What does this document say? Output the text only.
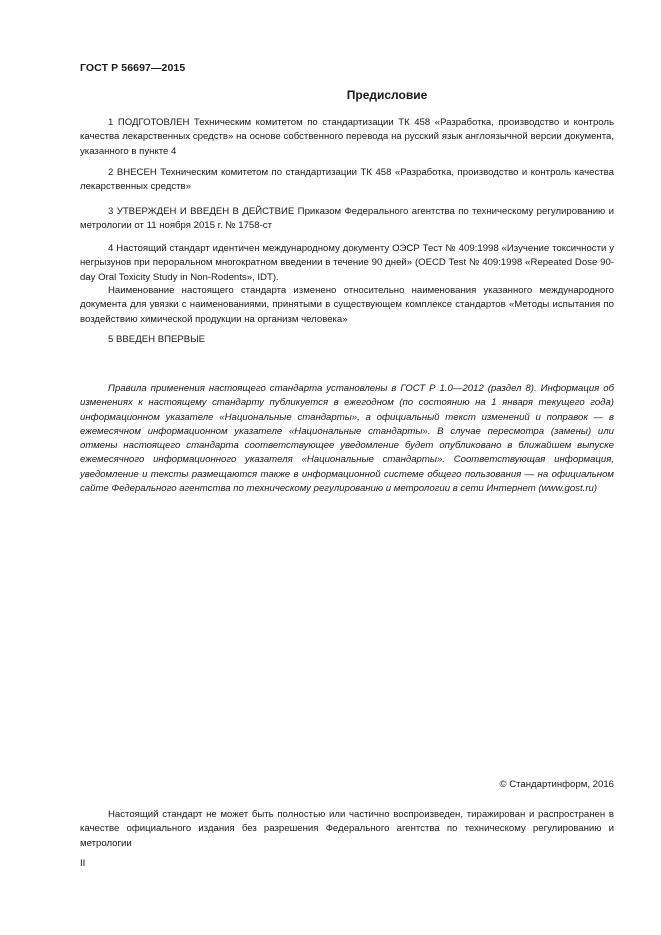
ГОСТ Р 56697—2015
Предисловие

1 ПОДГОТОВЛЕН Техническим комитетом по стандартизации ТК 458 «Разработка, производство и контроль качества лекарственных средств» на основе собственного перевода на русский язык англоязычной версии документа, указанного в пункте 4

2 ВНЕСЕН Техническим комитетом по стандартизации ТК 458 «Разработка, производство и контроль качества лекарственных средств»

3 УТВЕРЖДЕН И ВВЕДЕН В ДЕЙСТВИЕ Приказом Федерального агентства по техническому регулированию и метрологии от 11 ноября 2015 г. № 1758-ст

4 Настоящий стандарт идентичен международному документу ОЭСР Тест № 409:1998 «Изучение токсичности у негрызунов при пероральном многократном введении в течение 90 дней» (OECD Test № 409:1998 «Repeated Dose 90-day Oral Toxicity Study in Non-Rodents», IDT).

Наименование настоящего стандарта изменено относительно наименования указанного международного документа для увязки с наименованиями, принятыми в существующем комплексе стандартов «Методы испытания по воздействию химической продукции на организм человека»

5 ВВЕДЕН ВПЕРВЫЕ

Правила применения настоящего стандарта установлены в ГОСТ Р 1.0—2012 (раздел 8). Информация об изменениях к настоящему стандарту публикуется в ежегодном (по состоянию на 1 января текущего года) информационном указателе «Национальные стандарты», а официальный текст изменений и поправок — в ежемесячном информационном указателе «Национальные стандарты». В случае пересмотра (замены) или отмены настоящего стандарта соответствующее уведомление будет опубликовано в ближайшем выпуске ежемесячного информационного указателя «Национальные стандарты». Соответствующая информация, уведомление и тексты размещаются также в информационной системе общего пользования — на официальном сайте Федерального агентства по техническому регулированию и метрологии в сети Интернет (www.gost.ru)

© Стандартинформ, 2016

Настоящий стандарт не может быть полностью или частично воспроизведен, тиражирован и распространен в качестве официального издания без разрешения Федерального агентства по техническому регулированию и метрологии

II
